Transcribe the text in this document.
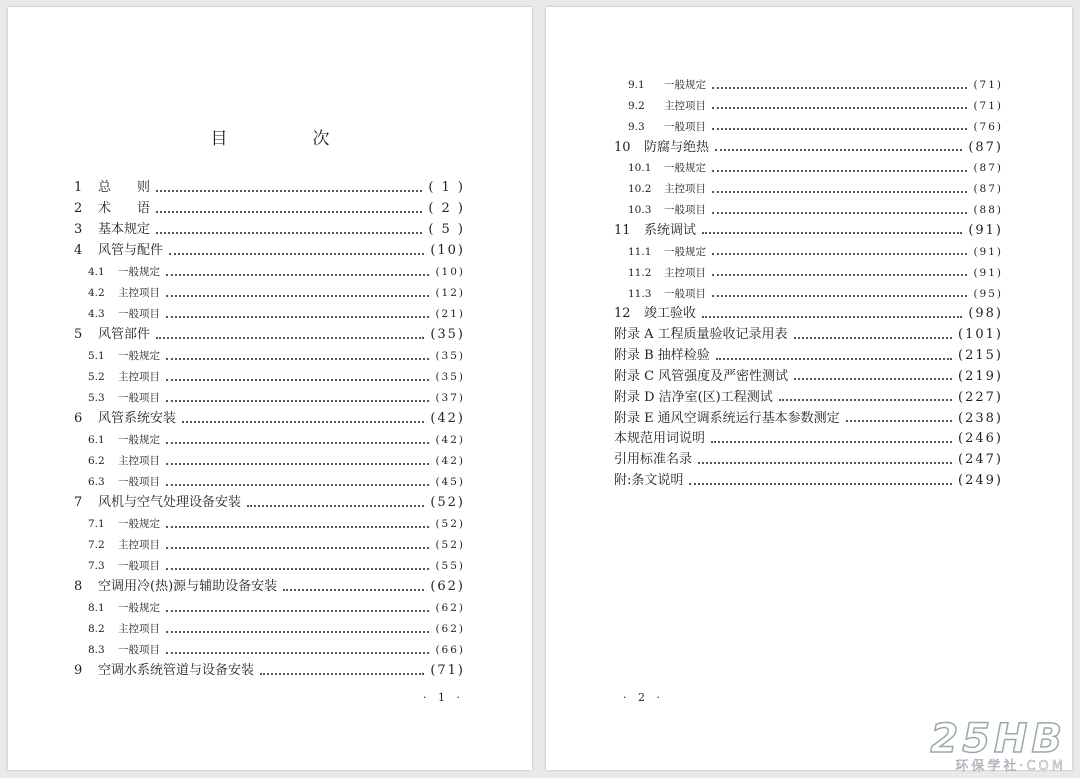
目　次
1	总　　则	( 1 )
2	术　　语	( 2 )
3	基本规定	( 5 )
4	风管与配件	(10)
4.1	一般规定	(10)
4.2	主控项目	(12)
4.3	一般项目	(21)
5	风管部件	(35)
5.1	一般规定	(35)
5.2	主控项目	(35)
5.3	一般项目	(37)
6	风管系统安装	(42)
6.1	一般规定	(42)
6.2	主控项目	(42)
6.3	一般项目	(45)
7	风机与空气处理设备安装	(52)
7.1	一般规定	(52)
7.2	主控项目	(52)
7.3	一般项目	(55)
8	空调用冷(热)源与辅助设备安装	(62)
8.1	一般规定	(62)
8.2	主控项目	(62)
8.3	一般项目	(66)
9	空调水系统管道与设备安装	(71)
· 1 ·
9.1	一般规定	(71)
9.2	主控项目	(71)
9.3	一般项目	(76)
10	防腐与绝热	(87)
10.1	一般规定	(87)
10.2	主控项目	(87)
10.3	一般项目	(88)
11	系统调试	(91)
11.1	一般规定	(91)
11.2	主控项目	(91)
11.3	一般项目	(95)
12	竣工验收	(98)
附录 A 工程质量验收记录用表	(101)
附录 B 抽样检验	(215)
附录 C 风管强度及严密性测试	(219)
附录 D 洁净室(区)工程测试	(227)
附录 E 通风空调系统运行基本参数测定	(238)
本规范用词说明	(246)
引用标准名录	(247)
附:条文说明	(249)
· 2 ·
25HB
环保学社·COM
